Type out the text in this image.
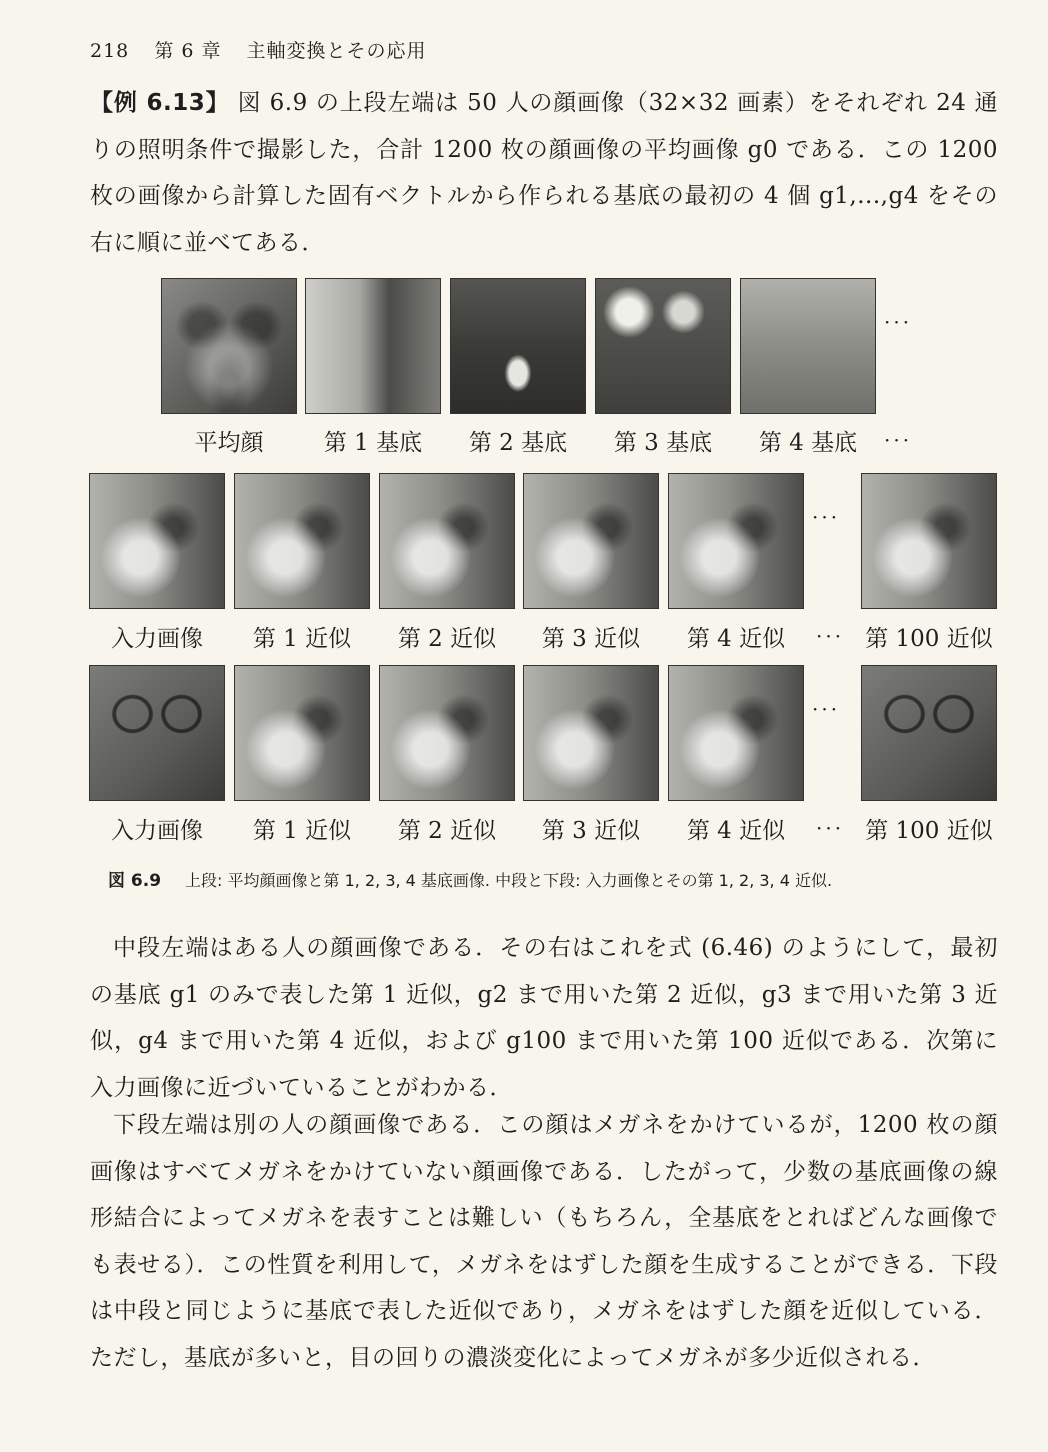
218 第 6 章 主軸変換とその応用
【例 6.13】 図 6.9 の上段左端は 50 人の顔画像（32×32 画素）をそれぞれ 24 通りの照明条件で撮影した，合計 1200 枚の顔画像の平均画像 g0 である．この 1200 枚の画像から計算した固有ベクトルから作られる基底の最初の 4 個 g1,...,g4 をその右に順に並べてある．
···
平均顔	第 1 基底	第 2 基底	第 3 基底	第 4 基底	···
···
入力画像	第 1 近似	第 2 近似	第 3 近似	第 4 近似	··· 第 100 近似
···
入力画像	第 1 近似	第 2 近似	第 3 近似	第 4 近似	··· 第 100 近似
図 6.9 上段: 平均顔画像と第 1, 2, 3, 4 基底画像. 中段と下段: 入力画像とその第 1, 2, 3, 4 近似.
中段左端はある人の顔画像である．その右はこれを式 (6.46) のようにして，最初の基底 g1 のみで表した第 1 近似，g2 まで用いた第 2 近似，g3 まで用いた第 3 近似，g4 まで用いた第 4 近似，および g100 まで用いた第 100 近似である．次第に入力画像に近づいていることがわかる．
下段左端は別の人の顔画像である．この顔はメガネをかけているが，1200 枚の顔画像はすべてメガネをかけていない顔画像である．したがって，少数の基底画像の線形結合によってメガネを表すことは難しい（もちろん，全基底をとればどんな画像でも表せる）．この性質を利用して，メガネをはずした顔を生成することができる．下段は中段と同じように基底で表した近似であり，メガネをはずした顔を近似している．ただし，基底が多いと，目の回りの濃淡変化によってメガネが多少近似される．
